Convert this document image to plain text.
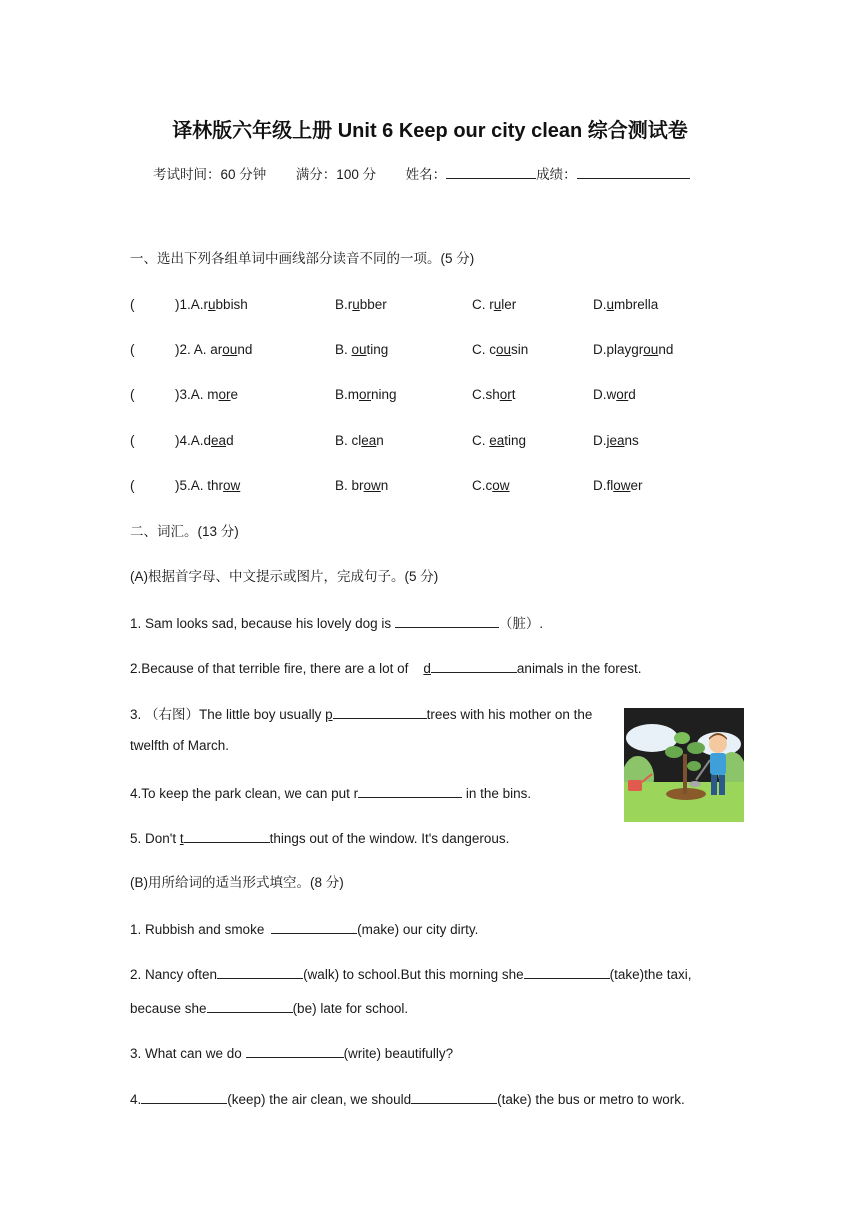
译林版六年级上册 Unit 6 Keep our city clean 综合测试卷
考试时间：60 分钟 满分：100 分 姓名：	成绩：
一、选出下列各组单词中画线部分读音不同的一项。(5 分)
(	)1.A.rubbish	B.rubber	C. ruler	D.umbrella
(	)2. A. around	B. outing	C. cousin	D.playground
(	)3.A. more	B.morning	C.short	D.word
(	)4.A.dead	B. clean	C. eating	D.jeans
(	)5.A. throw	B. brown	C.cow	D.flower
二、词汇。(13 分)
(A)根据首字母、中文提示或图片，完成句子。(5 分)
1. Sam looks sad, because his lovely dog is	（脏）.
2.Because of that terrible fire, there are a lot of d	animals in the forest.
3. （右图）The little boy usually p	trees with his mother on the
twelfth of March.
4.To keep the park clean, we can put r	in the bins.
5. Don't t	things out of the window. It's dangerous.
(B)用所给词的适当形式填空。(8 分)
1. Rubbish and smoke	(make) our city dirty.
2. Nancy often	(walk) to school.But this morning she	(take)the taxi,
because she	(be) late for school.
3. What can we do	(write) beautifully?
4.	(keep) the air clean, we should	(take) the bus or metro to work.
